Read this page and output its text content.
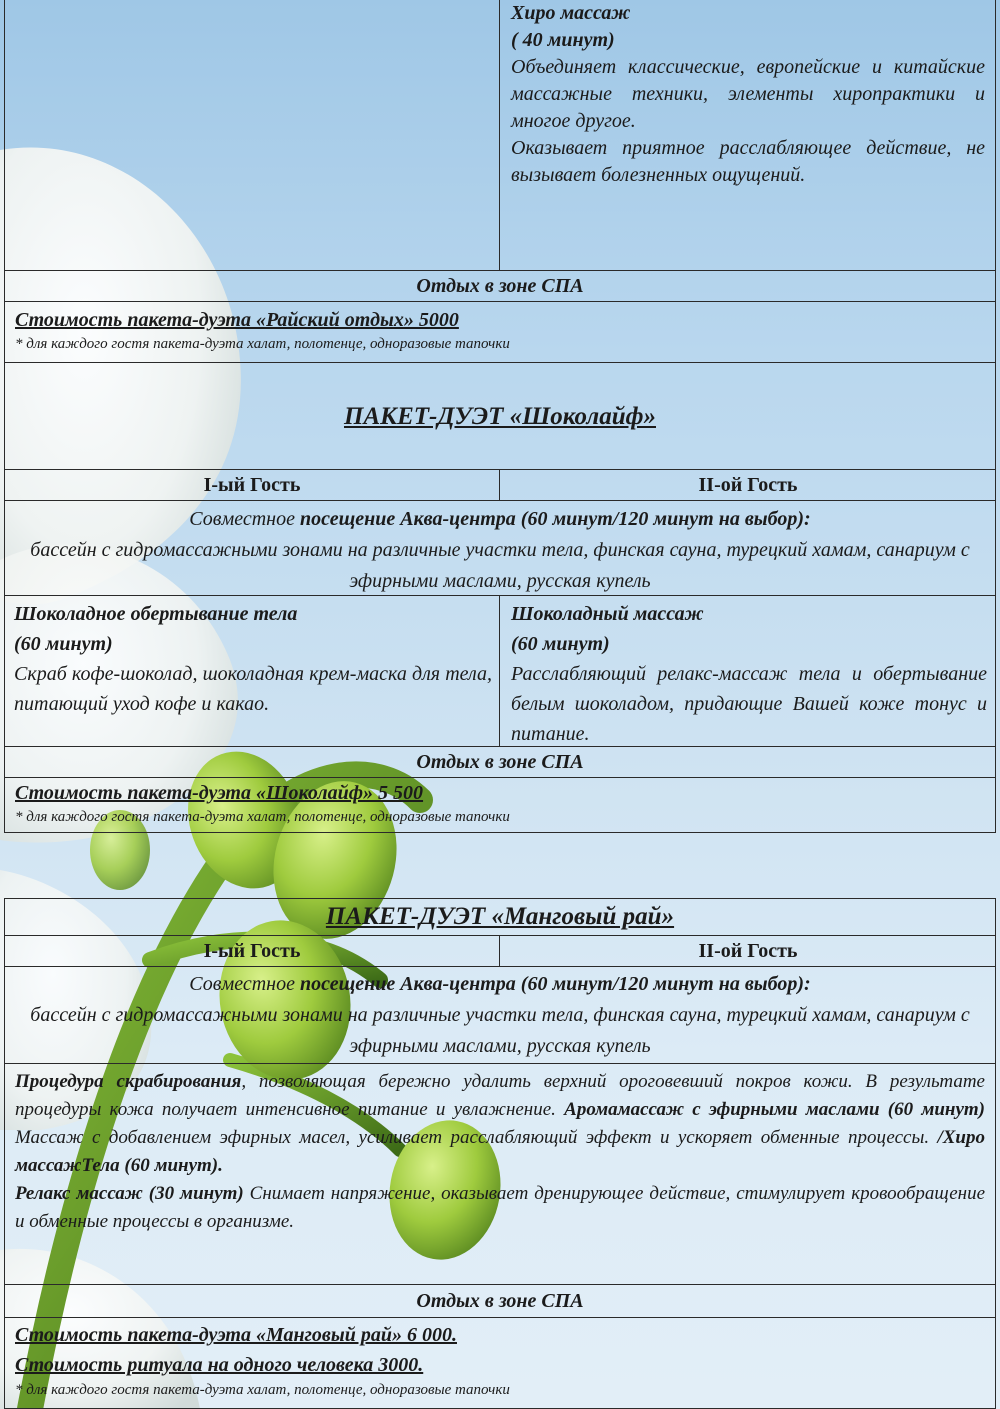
Хиро массаж
( 40 минут)
Объединяет классические, европейские и китайские массажные техники, элементы хиропрактики и многое другое.
Оказывает приятное расслабляющее действие, не вызывает болезненных ощущений.
Отдых в зоне СПА
Стоимость пакета-дуэта «Райский отдых» 5000
* для каждого гостя пакета-дуэта халат, полотенце, одноразовые тапочки
ПАКЕТ-ДУЭТ «Шоколайф»
I-ый Гость	II-ой Гость
Совместное посещение Аква-центра (60 минут/120 минут на выбор):
бассейн с гидромассажными зонами на различные участки тела, финская сауна, турецкий хамам, санариум с эфирными маслами, русская купель
Шоколадное обертывание тела
(60 минут)
Скраб кофе-шоколад, шоколадная крем-маска для тела, питающий уход кофе и какао.
Шоколадный массаж
(60 минут)
Расслабляющий релакс-массаж тела и обертывание белым шоколадом, придающие Вашей коже тонус и питание.
Отдых в зоне СПА
Стоимость пакета-дуэта «Шоколайф» 5 500
* для каждого гостя пакета-дуэта халат, полотенце, одноразовые тапочки
ПАКЕТ-ДУЭТ «Манговый рай»
I-ый Гость	II-ой Гость
Совместное посещение Аква-центра (60 минут/120 минут на выбор):
бассейн с гидромассажными зонами на различные участки тела, финская сауна, турецкий хамам, санариум с эфирными маслами, русская купель
Процедура скрабирования, позволяющая бережно удалить верхний ороговевший покров кожи. В результате процедуры кожа получает интенсивное питание и увлажнение. Аромамассаж с эфирными маслами (60 минут) Массаж с добавлением эфирных масел, усиливает расслабляющий эффект и ускоряет обменные процессы. /Хиро массажТела (60 минут).
Релакс массаж (30 минут) Снимает напряжение, оказывает дренирующее действие, стимулирует кровообращение и обменные процессы в организме.
Отдых в зоне СПА
Стоимость пакета-дуэта «Манговый рай» 6 000.
Стоимость ритуала на одного человека 3000.
* для каждого гостя пакета-дуэта халат, полотенце, одноразовые тапочки
